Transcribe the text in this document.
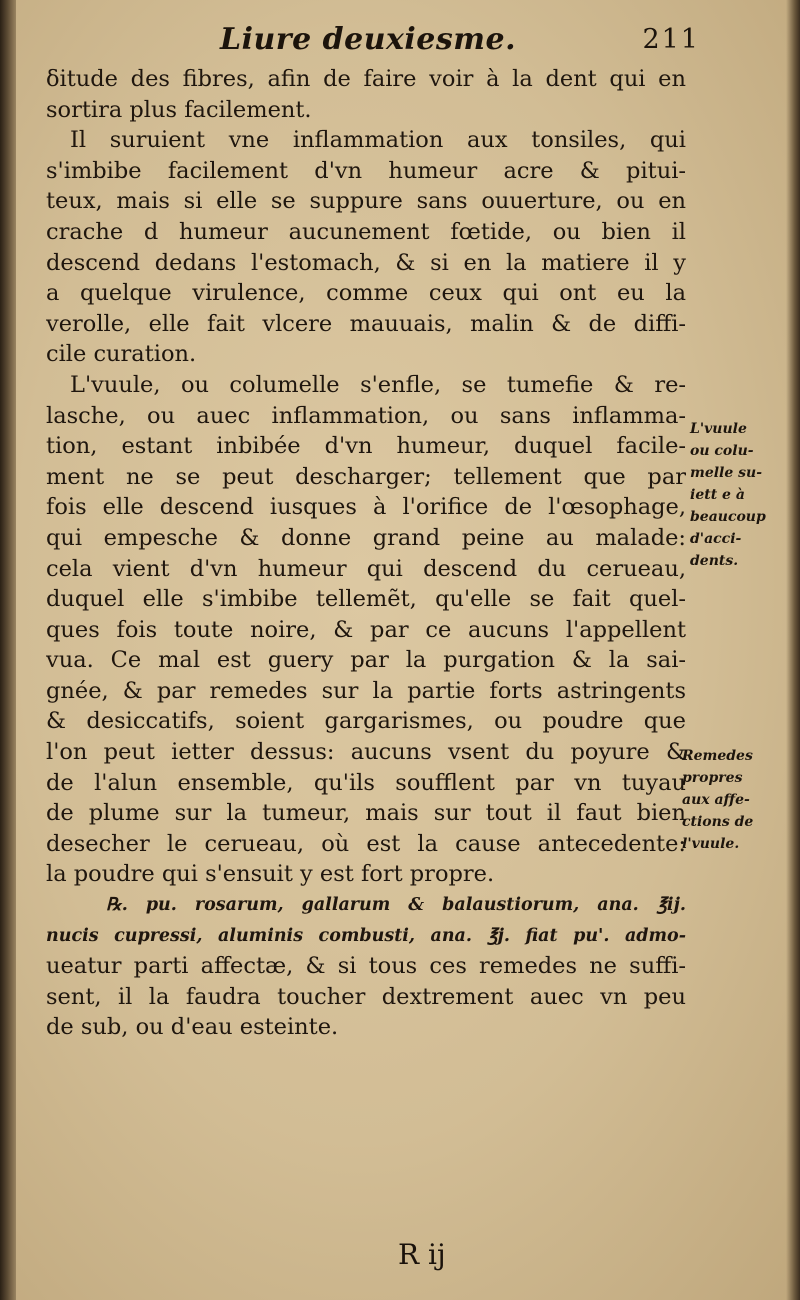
Liure deuxiesme.	211
ẟitude des fibres, afin de faire voir à la dent qui en
sortira plus facilement.
Il suruient vne inflammation aux tonsiles, qui
s'imbibe facilement d'vn humeur acre & pitui-
teux, mais si elle se suppure sans ouuerture, ou en
crache d humeur aucunement fœtide, ou bien il
descend dedans l'estomach, & si en la matiere il y
a quelque virulence, comme ceux qui ont eu la
verolle, elle fait vlcere mauuais, malin & de diffi-
cile curation.
L'vuule, ou columelle s'enfle, se tumefie & re-
lasche, ou auec inflammation, ou sans inflamma-
tion, estant inbibée d'vn humeur, duquel facile-
ment ne se peut descharger; tellement que par
fois elle descend iusques à l'orifice de l'œsophage,
qui empesche & donne grand peine au malade:
cela vient d'vn humeur qui descend du cerueau,
duquel elle s'imbibe tellemẽt, qu'elle se fait quel-
ques fois toute noire, & par ce aucuns l'appellent
vua. Ce mal est guery par la purgation & la sai-
gnée, & par remedes sur la partie forts astringents
& desiccatifs, soient gargarismes, ou poudre que
l'on peut ietter dessus: aucuns vsent du poyure &
de l'alun ensemble, qu'ils soufflent par vn tuyau
de plume sur la tumeur, mais sur tout il faut bien
desecher le cerueau, où est la cause antecedente:
la poudre qui s'ensuit y est fort propre.
℞. pu. rosarum, gallarum & balaustiorum, ana. ℥ij.
nucis cupressi, aluminis combusti, ana. ℥j. fiat pu'. admo-
ueatur parti affectæ, & si tous ces remedes ne suffi-
sent, il la faudra toucher dextrement auec vn peu
de sub, ou d'eau esteinte.
L'vuule
ou colu-
melle su-
iett e à
beaucoup
d'acci-
dents.
Remedes
propres
aux affe-
ctions de
l'vuule.
R ij
